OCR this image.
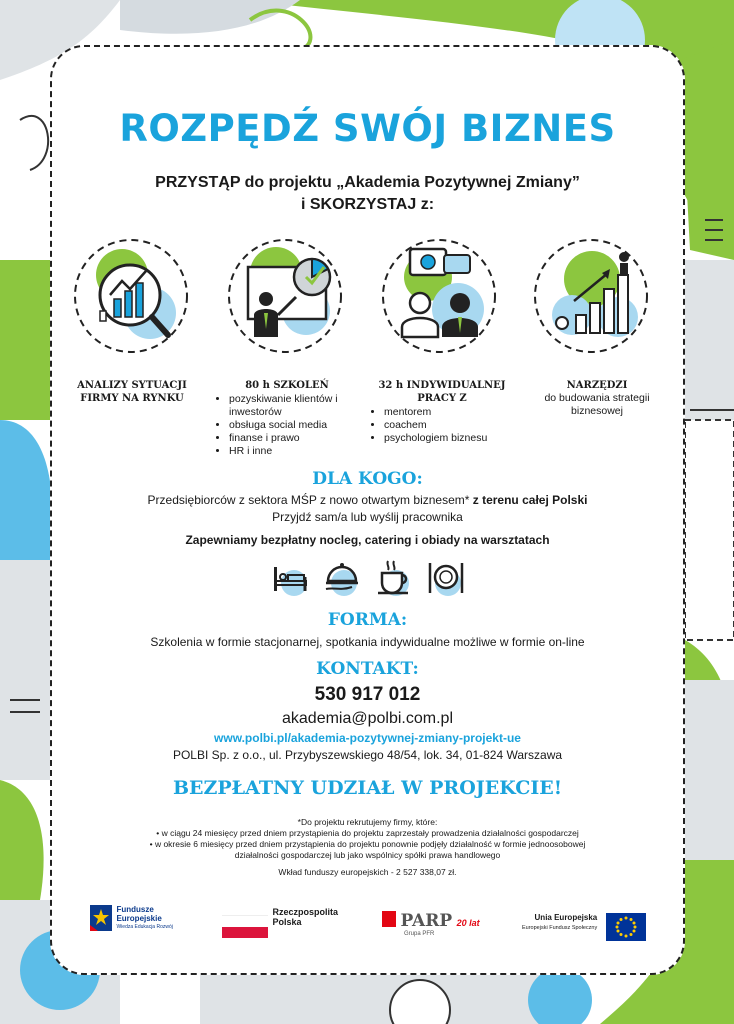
ROZPĘDŹ SWÓJ BIZNES
PRZYSTĄP do projektu „Akademia Pozytywnej Zmiany”
i SKORZYSTAJ z:
ANALIZY SYTUACJI
FIRMY NA RYNKU
80 h SZKOLEŃ
• pozyskiwanie klientów i inwestorów
• obsługa social media
• finanse i prawo
• HR i inne
32 h INDYWIDUALNEJ
PRACY Z
• mentorem
• coachem
• psychologiem biznesu
NARZĘDZI
do budowania strategii biznesowej
DLA KOGO:
Przedsiębiorców z sektora MŚP z nowo otwartym biznesem* z terenu całej Polski
Przyjdź sam/a lub wyślij pracownika
Zapewniamy bezpłatny nocleg, catering i obiady na warsztatach
FORMA:
Szkolenia w formie stacjonarnej, spotkania indywidualne możliwe w formie on-line
KONTAKT:
530 917 012
akademia@polbi.com.pl
www.polbi.pl/akademia-pozytywnej-zmiany-projekt-ue
POLBI Sp. z o.o., ul. Przybyszewskiego 48/54, lok. 34, 01-824 Warszawa
BEZPŁATNY UDZIAŁ W PROJEKCIE!
*Do projektu rekrutujemy firmy, które:
• w ciągu 24 miesięcy przed dniem przystąpienia do projektu zaprzestały prowadzenia działalności gospodarczej
• w okresie 6 miesięcy przed dniem przystąpienia do projektu ponownie podjęły działalność w formie jednoosobowej
działalności gospodarczej lub jako wspólnicy spółki prawa handlowego
Wkład funduszy europejskich - 2 527 338,07 zł.

Fundusze
Europejskie
Wiedza Edukacja Rozwój

Rzeczpospolita
Polska	PARP 20 lat
Grupa PFR
Unia Europejska
Europejski Fundusz Społeczny
